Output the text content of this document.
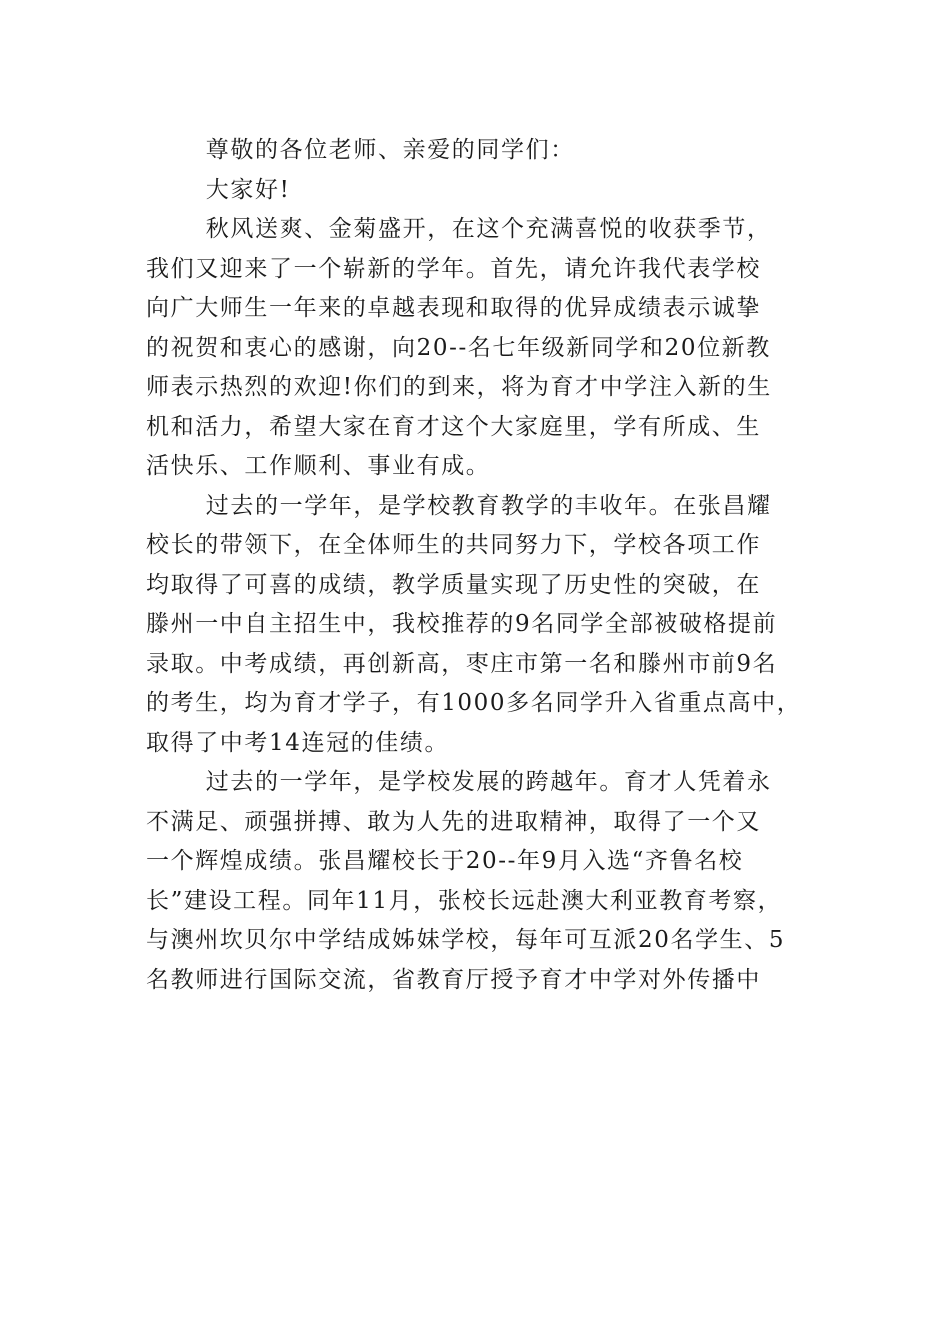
尊敬的各位老师、亲爱的同学们：

大家好!

秋风送爽、金菊盛开，在这个充满喜悦的收获季节，

我们又迎来了一个崭新的学年。首先，请允许我代表学校
向广大师生一年来的卓越表现和取得的优异成绩表示诚挚
的祝贺和衷心的感谢，向20--名七年级新同学和20位新教
师表示热烈的欢迎!你们的到来，将为育才中学注入新的生
机和活力，希望大家在育才这个大家庭里，学有所成、生
活快乐、工作顺利、事业有成。

过去的一学年，是学校教育教学的丰收年。在张昌耀

校长的带领下，在全体师生的共同努力下，学校各项工作
均取得了可喜的成绩，教学质量实现了历史性的突破，在
滕州一中自主招生中，我校推荐的9名同学全部被破格提前
录取。中考成绩，再创新高，枣庄市第一名和滕州市前9名
的考生，均为育才学子，有1000多名同学升入省重点高中，
取得了中考14连冠的佳绩。

过去的一学年，是学校发展的跨越年。育才人凭着永

不满足、顽强拼搏、敢为人先的进取精神，取得了一个又
一个辉煌成绩。张昌耀校长于20--年9月入选“齐鲁名校
长”建设工程。同年11月，张校长远赴澳大利亚教育考察，
与澳州坎贝尔中学结成姊妹学校，每年可互派20名学生、5
名教师进行国际交流，省教育厅授予育才中学对外传播中
